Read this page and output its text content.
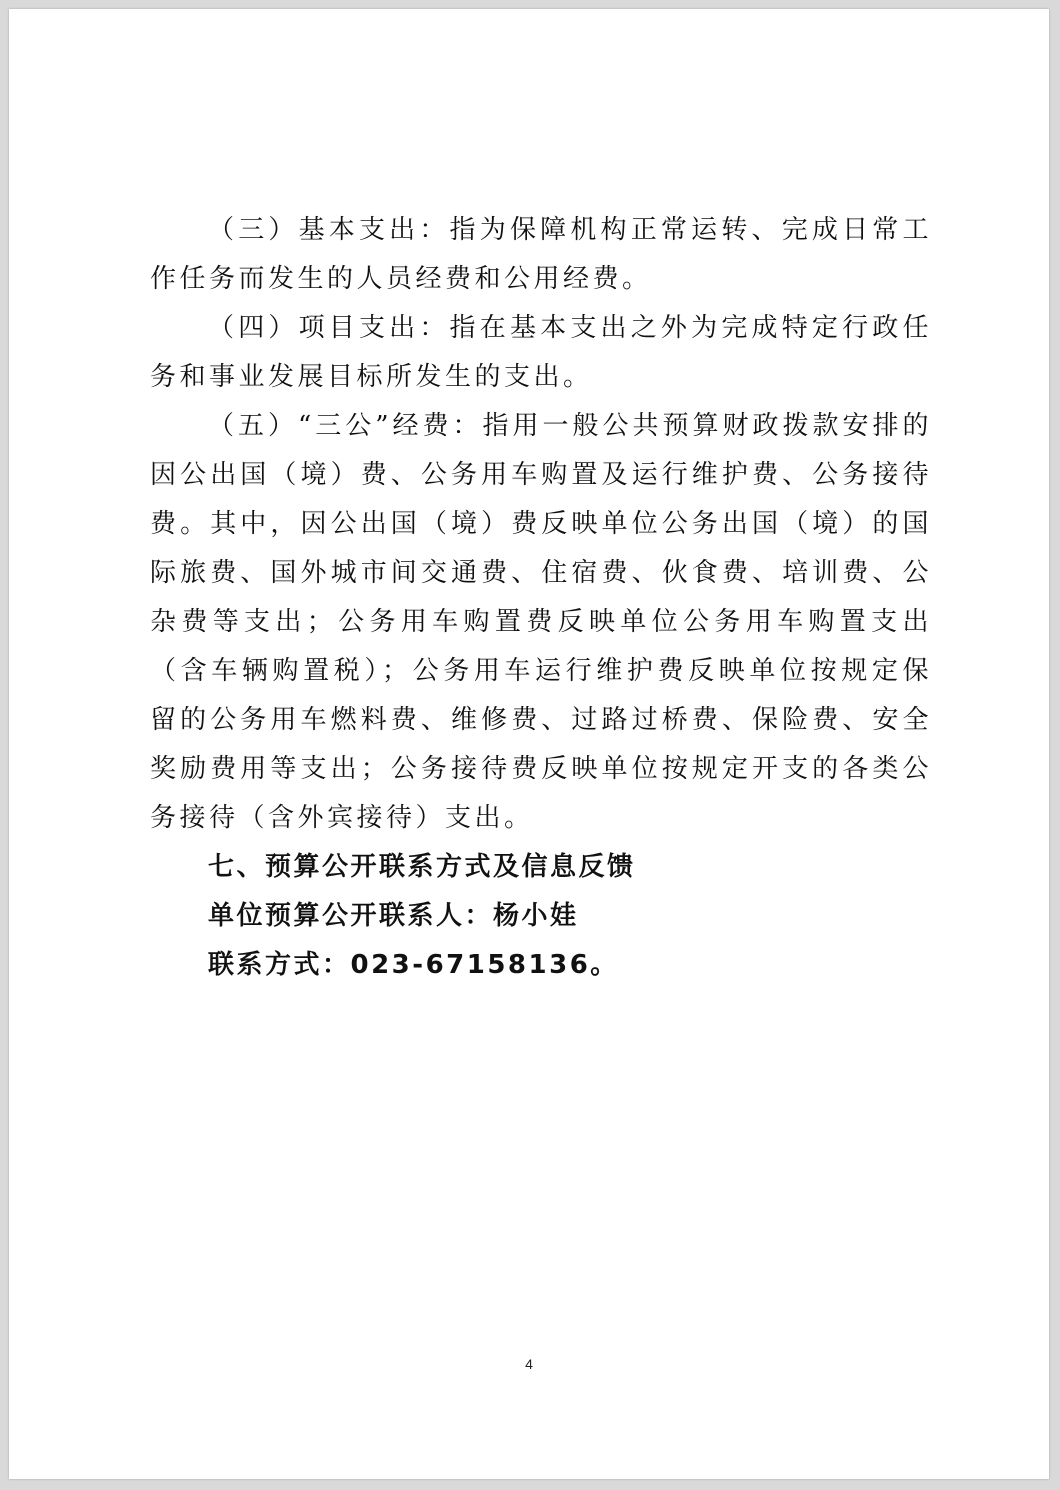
（三）基本支出：指为保障机构正常运转、完成日常工作任务而发生的人员经费和公用经费。

（四）项目支出：指在基本支出之外为完成特定行政任务和事业发展目标所发生的支出。

（五）“三公”经费：指用一般公共预算财政拨款安排的因公出国（境）费、公务用车购置及运行维护费、公务接待费。其中，因公出国（境）费反映单位公务出国（境）的国际旅费、国外城市间交通费、住宿费、伙食费、培训费、公杂费等支出；公务用车购置费反映单位公务用车购置支出（含车辆购置税）；公务用车运行维护费反映单位按规定保留的公务用车燃料费、维修费、过路过桥费、保险费、安全奖励费用等支出；公务接待费反映单位按规定开支的各类公务接待（含外宾接待）支出。

七、预算公开联系方式及信息反馈

单位预算公开联系人：杨小娃

联系方式：023-67158136。

4
